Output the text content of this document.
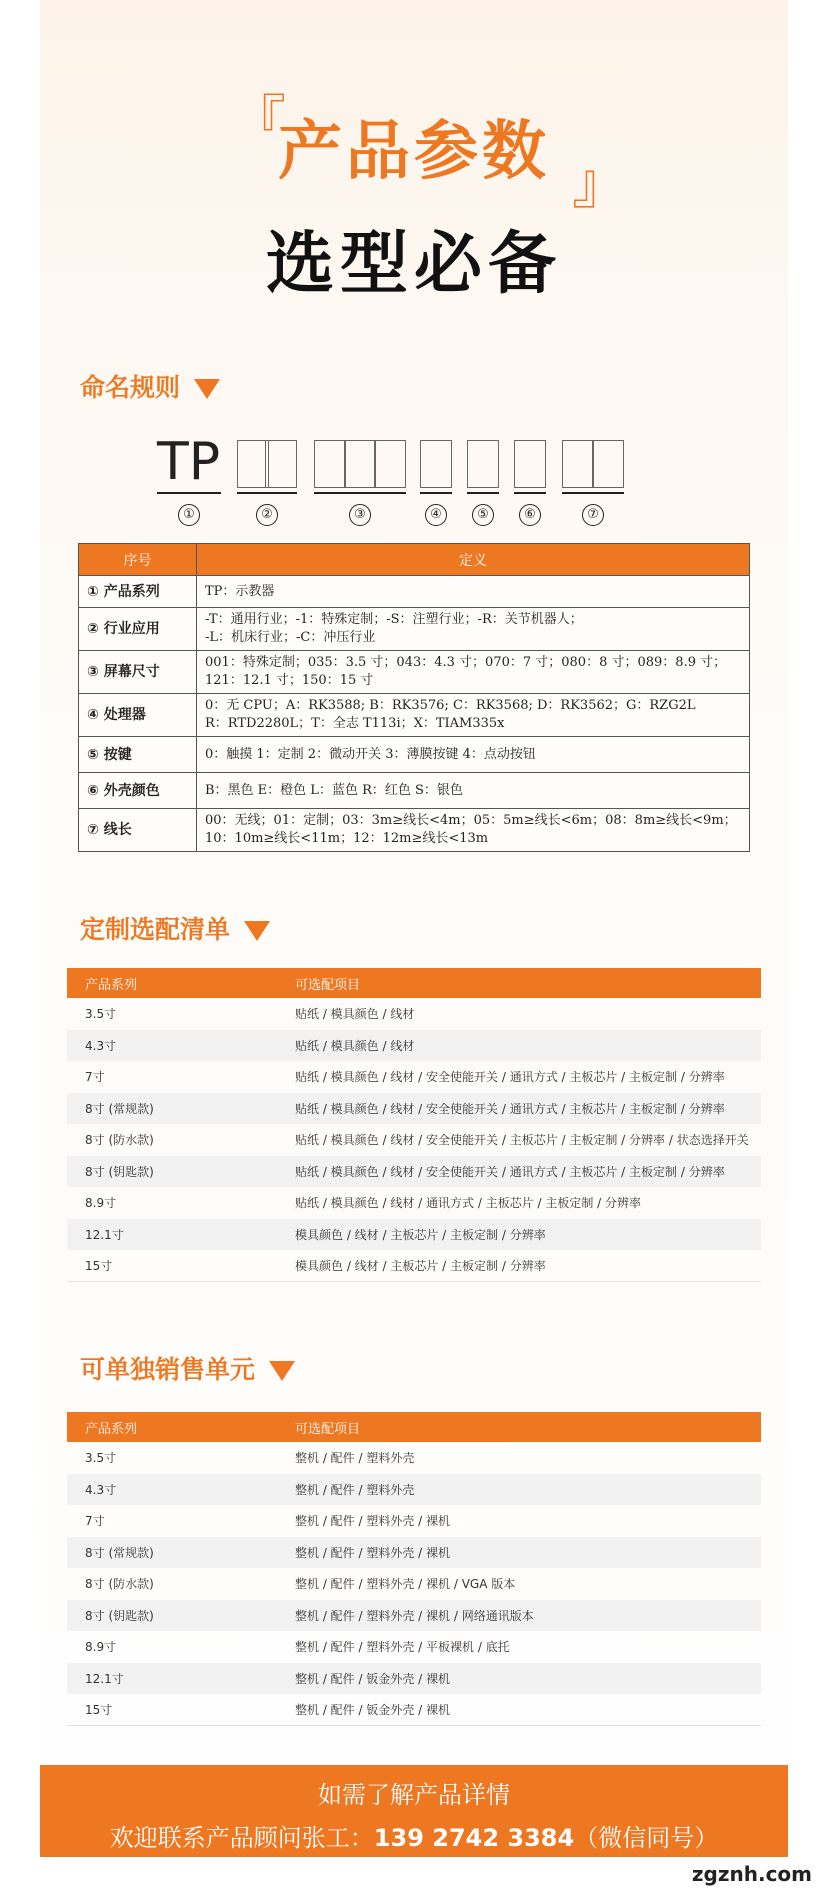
『
产品参数 』
选型必备
命名规则
TP
①	②	③	④	⑤	⑥	⑦
序号	定义
① 产品系列	TP：示教器

② 行业应用	-T：通用行业；-1：特殊定制；-S：注塑行业；-R：关节机器人；
-L：机床行业；-C：冲压行业

③ 屏幕尺寸	001：特殊定制；035：3.5 寸；043：4.3 寸；070：7 寸；080：8 寸；089：8.9 寸；
121：12.1 寸；150：15 寸

④ 处理器	0：无 CPU；A：RK3588; B：RK3576; C：RK3568; D：RK3562；G：RZG2L
R：RTD2280L；T：全志 T113i；X：TIAM335x

⑤ 按键	0：触摸 1：定制 2：微动开关 3：薄膜按键 4：点动按钮

⑥ 外壳颜色	B：黑色 E：橙色 L：蓝色 R：红色 S：银色

⑦ 线长	00：无线；01：定制；03：3m≥线长<4m；05：5m≥线长<6m；08：8m≥线长<9m；
10：10m≥线长<11m；12：12m≥线长<13m
定制选配清单
产品系列	可选配项目
3.5寸	贴纸 / 模具颜色 / 线材
4.3寸	贴纸 / 模具颜色 / 线材
7寸	贴纸 / 模具颜色 / 线材 / 安全使能开关 / 通讯方式 / 主板芯片 / 主板定制 / 分辨率
8寸 (常规款)	贴纸 / 模具颜色 / 线材 / 安全使能开关 / 通讯方式 / 主板芯片 / 主板定制 / 分辨率
8寸 (防水款)	贴纸 / 模具颜色 / 线材 / 安全使能开关 / 主板芯片 / 主板定制 / 分辨率 / 状态选择开关
8寸 (钥匙款)	贴纸 / 模具颜色 / 线材 / 安全使能开关 / 通讯方式 / 主板芯片 / 主板定制 / 分辨率
8.9寸	贴纸 / 模具颜色 / 线材 / 通讯方式 / 主板芯片 / 主板定制 / 分辨率
12.1寸	模具颜色 / 线材 / 主板芯片 / 主板定制 / 分辨率
15寸	模具颜色 / 线材 / 主板芯片 / 主板定制 / 分辨率
可单独销售单元
产品系列	可选配项目
3.5寸	整机 / 配件 / 塑料外壳
4.3寸	整机 / 配件 / 塑料外壳
7寸	整机 / 配件 / 塑料外壳 / 裸机
8寸 (常规款)	整机 / 配件 / 塑料外壳 / 裸机
8寸 (防水款)	整机 / 配件 / 塑料外壳 / 裸机 / VGA 版本
8寸 (钥匙款)	整机 / 配件 / 塑料外壳 / 裸机 / 网络通讯版本
8.9寸	整机 / 配件 / 塑料外壳 / 平板裸机 / 底托
12.1寸	整机 / 配件 / 钣金外壳 / 裸机
15寸	整机 / 配件 / 钣金外壳 / 裸机
如需了解产品详情
欢迎联系产品顾问张工：139 2742 3384（微信同号）
zgznh.com
